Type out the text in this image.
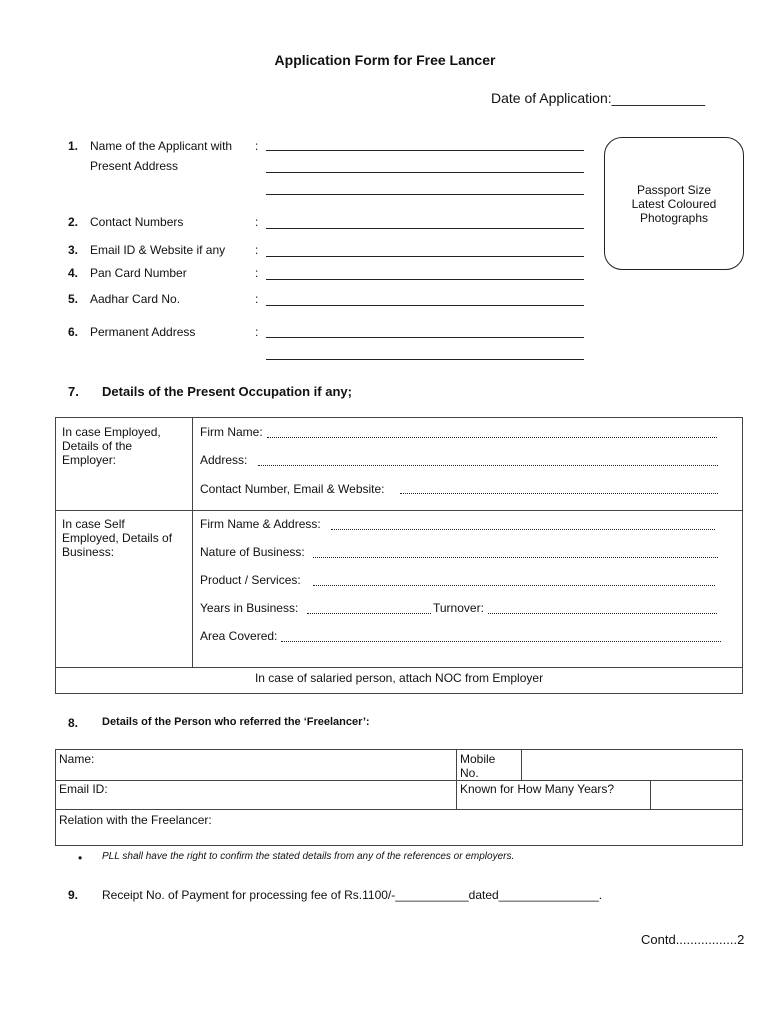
Application Form for Free Lancer
Date of Application:____________
1. Name of the Applicant with
Present Address
:
2. Contact Numbers	:
3. Email ID & Website if any :
4. Pan Card Number	:
5. Aadhar Card No.	:
6. Permanent Address	:
Passport Size
Latest Coloured
Photographs
7. Details of the Present Occupation if any;
In case Employed, Details of the Employer:
Firm Name:
Address:
Contact Number, Email & Website:
In case Self Employed, Details of Business:
Firm Name & Address:
Nature of Business:
Product / Services:
Years in Business:	Turnover:
Area Covered:
In case of salaried person, attach NOC from Employer
8. Details of the Person who referred the ‘Freelancer’:
Name:	Mobile No.
Email ID:	Known for How Many Years?
Relation with the Freelancer:
• PLL shall have the right to confirm the stated details from any of the references or employers.
9. Receipt No. of Payment for processing fee of Rs.1100/-___________dated_______________.
Contd.................2
